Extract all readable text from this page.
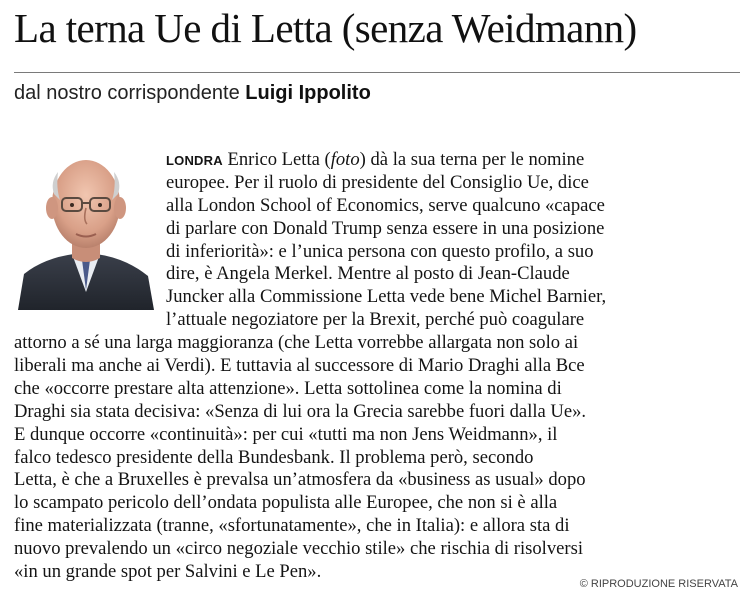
La terna Ue di Letta (senza Weidmann)
dal nostro corrispondente Luigi Ippolito
LONDRA Enrico Letta (foto) dà la sua terna per le nomine
europee. Per il ruolo di presidente del Consiglio Ue, dice
alla London School of Economics, serve qualcuno «capace
di parlare con Donald Trump senza essere in una posizione
di inferiorità»: e l’unica persona con questo profilo, a suo
dire, è Angela Merkel. Mentre al posto di Jean-Claude
Juncker alla Commissione Letta vede bene Michel Barnier,
l’attuale negoziatore per la Brexit, perché può coagulare
attorno a sé una larga maggioranza (che Letta vorrebbe allargata non solo ai
liberali ma anche ai Verdi). E tuttavia al successore di Mario Draghi alla Bce
che «occorre prestare alta attenzione». Letta sottolinea come la nomina di
Draghi sia stata decisiva: «Senza di lui ora la Grecia sarebbe fuori dalla Ue».
E dunque occorre «continuità»: per cui «tutti ma non Jens Weidmann», il
falco tedesco presidente della Bundesbank. Il problema però, secondo
Letta, è che a Bruxelles è prevalsa un’atmosfera da «business as usual» dopo
lo scampato pericolo dell’ondata populista alle Europee, che non si è alla
fine materializzata (tranne, «sfortunatamente», che in Italia): e allora sta di
nuovo prevalendo un «circo negoziale vecchio stile» che rischia di risolversi
«in un grande spot per Salvini e Le Pen».
© RIPRODUZIONE RISERVATA
